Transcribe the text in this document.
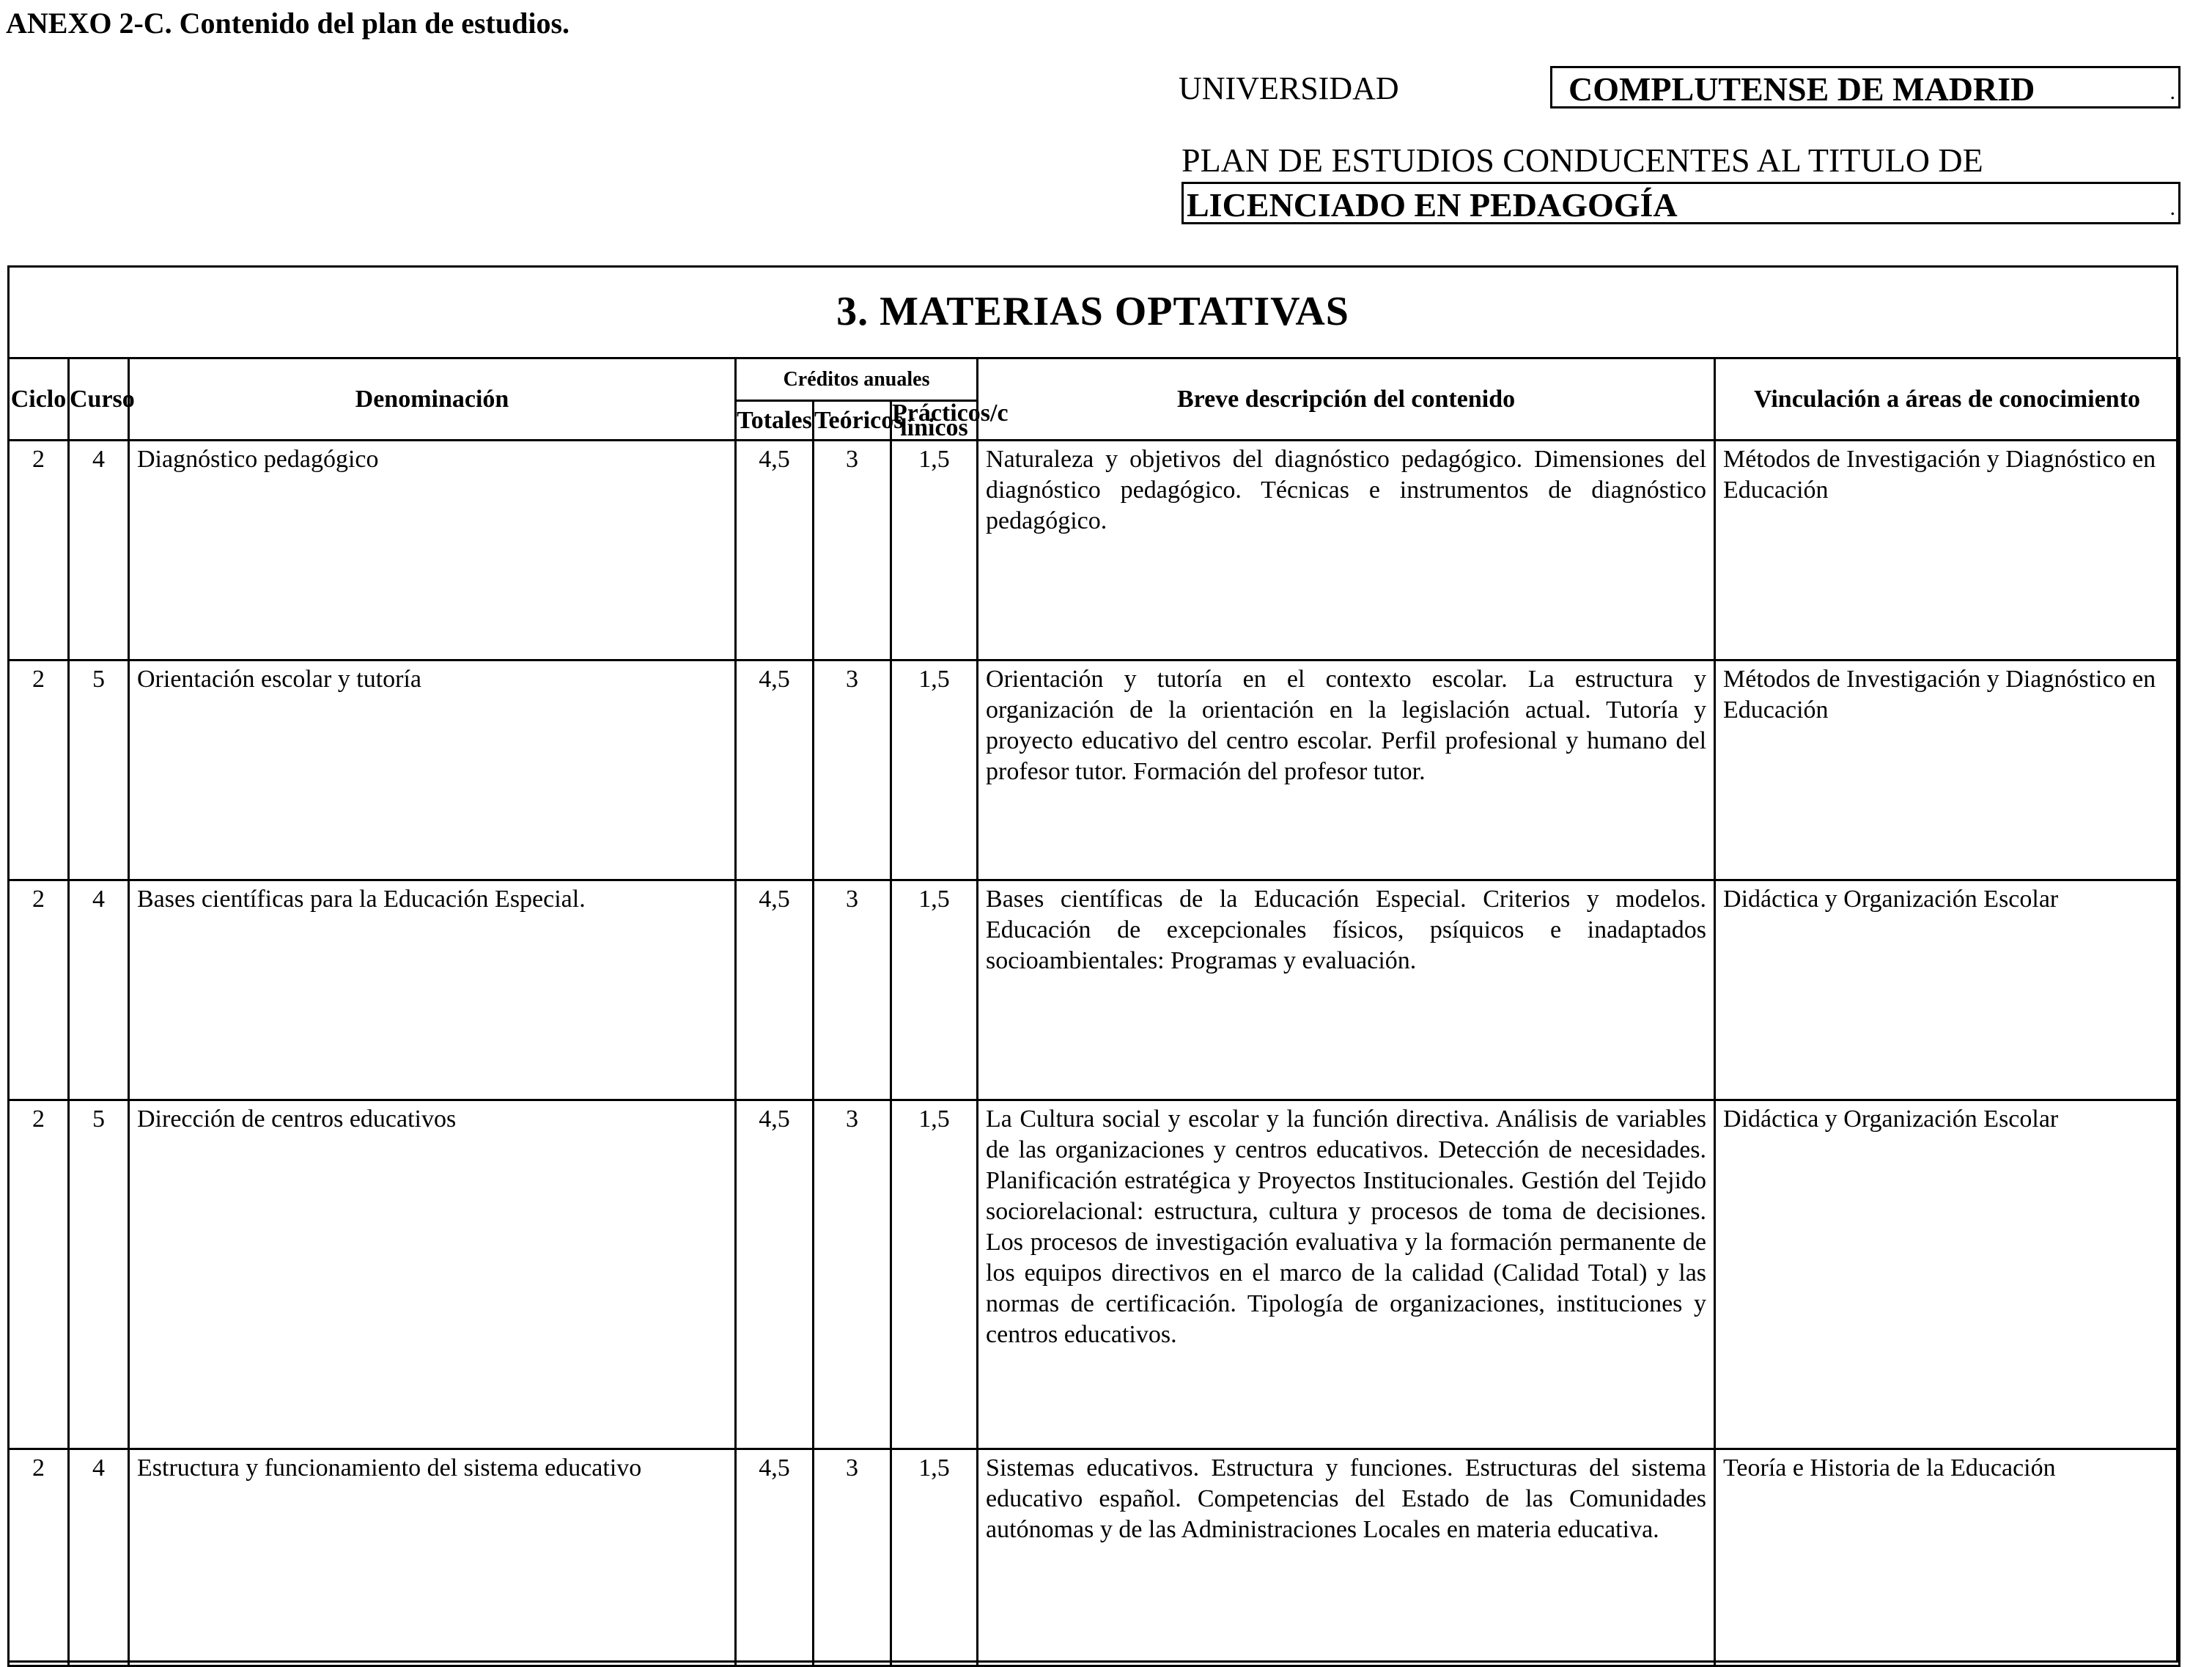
ANEXO 2-C. Contenido del plan de estudios.
UNIVERSIDAD	COMPLUTENSE DE MADRID	.
PLAN DE ESTUDIOS CONDUCENTES AL TITULO DE
LICENCIADO EN PEDAGOGÍA	.
3. MATERIAS OPTATIVAS
Ciclo	Curso	Denominación	Créditos anuales			Breve descripción del contenido	Vinculación a áreas de conocimiento
			Totales	Teóricos	Prácticos/c línicos		
2	4	Diagnóstico pedagógico	4,5	3	1,5	Naturaleza y objetivos del diagnóstico pedagógico. Dimensiones del diagnóstico pedagógico. Técnicas e instrumentos de diagnóstico pedagógico.	Métodos de Investigación y Diagnóstico en Educación
2	5	Orientación escolar y tutoría	4,5	3	1,5	Orientación y tutoría en el contexto escolar. La estructura y organización de la orientación en la legislación actual. Tutoría y proyecto educativo del centro escolar. Perfil profesional y humano del profesor tutor. Formación del profesor tutor.	Métodos de Investigación y Diagnóstico en Educación
2	4	Bases científicas para la Educación Especial.	4,5	3	1,5	Bases científicas de la Educación Especial. Criterios y modelos. Educación de excepcionales físicos, psíquicos e inadaptados socioambientales: Programas y evaluación.	Didáctica y Organización Escolar
2	5	Dirección de centros educativos	4,5	3	1,5	La Cultura social y escolar y la función directiva. Análisis de variables de las organizaciones y centros educativos. Detección de necesidades. Planificación estratégica y Proyectos Institucionales. Gestión del Tejido sociorelacional: estructura, cultura y procesos de toma de decisiones. Los procesos de investigación evaluativa y la formación permanente de los equipos directivos en el marco de la calidad (Calidad Total) y las normas de certificación. Tipología de organizaciones, instituciones y centros educativos.	Didáctica y Organización Escolar
2	4	Estructura y funcionamiento del sistema educativo	4,5	3	1,5	Sistemas educativos. Estructura y funciones. Estructuras del sistema educativo español. Competencias del Estado de las Comunidades autónomas y de las Administraciones Locales en materia educativa.	Teoría e Historia de la Educación
